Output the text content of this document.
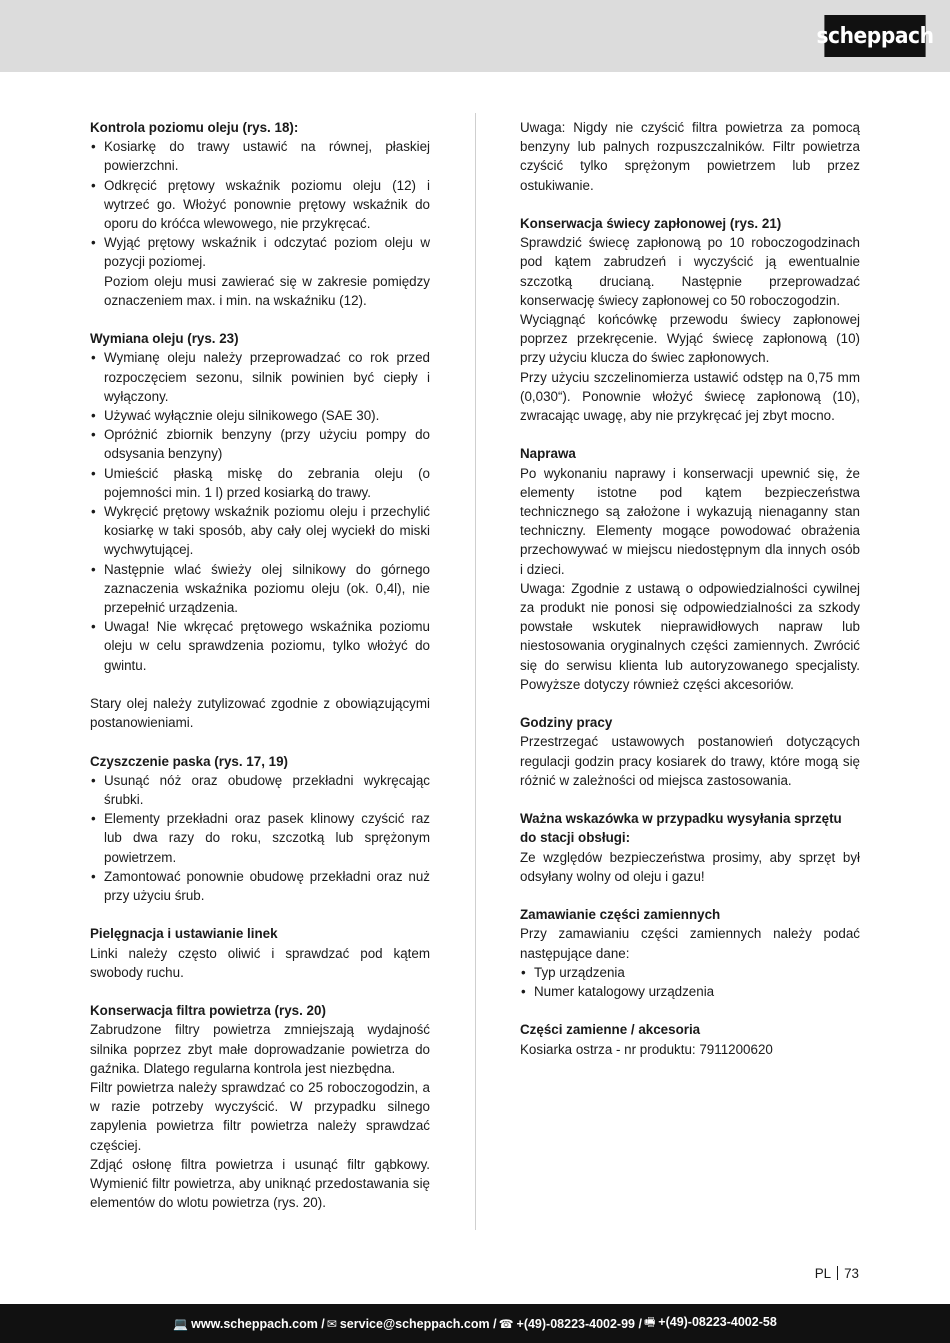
scheppach
Kontrola poziomu oleju (rys. 18):
• Kosiarkę do trawy ustawić na równej, płaskiej powierzchni.
• Odkręcić prętowy wskaźnik poziomu oleju (12) i wytrzeć go. Włożyć ponownie prętowy wskaźnik do oporu do króćca wlewowego, nie przykręcać.
• Wyjąć prętowy wskaźnik i odczytać poziom oleju w pozycji poziomej.

Poziom oleju musi zawierać się w zakresie pomiędzy oznaczeniem max. i min. na wskaźniku (12).

Wymiana oleju (rys. 23)
• Wymianę oleju należy przeprowadzać co rok przed rozpoczęciem sezonu, silnik powinien być ciepły i wyłączony.
• Używać wyłącznie oleju silnikowego (SAE 30).
• Opróżnić zbiornik benzyny (przy użyciu pompy do odsysania benzyny)
• Umieścić płaską miskę do zebrania oleju (o pojemności min. 1 l) przed kosiarką do trawy.
• Wykręcić prętowy wskaźnik poziomu oleju i przechylić kosiarkę w taki sposób, aby cały olej wyciekł do miski wychwytującej.
• Następnie wlać świeży olej silnikowy do górnego zaznaczenia wskaźnika poziomu oleju (ok. 0,4l), nie przepełnić urządzenia.
• Uwaga! Nie wkręcać prętowego wskaźnika poziomu oleju w celu sprawdzenia poziomu, tylko włożyć do gwintu.

Stary olej należy zutylizować zgodnie z obowiązującymi postanowieniami.

Czyszczenie paska (rys. 17, 19)
• Usunąć nóż oraz obudowę przekładni wykręcając śrubki.
• Elementy przekładni oraz pasek klinowy czyścić raz lub dwa razy do roku, szczotką lub sprężonym powietrzem.
• Zamontować ponownie obudowę przekładni oraz nuż przy użyciu śrub.
Pielęgnacja i ustawianie linek

Linki należy często oliwić i sprawdzać pod kątem swobody ruchu.

Konserwacja filtra powietrza (rys. 20)

Zabrudzone filtry powietrza zmniejszają wydajność silnika poprzez zbyt małe doprowadzanie powietrza do gaźnika. Dlatego regularna kontrola jest niezbędna.

Filtr powietrza należy sprawdzać co 25 roboczogodzin, a w razie potrzeby wyczyścić. W przypadku silnego zapylenia powietrza filtr powietrza należy sprawdzać częściej.

Zdjąć osłonę filtra powietrza i usunąć filtr gąbkowy. Wymienić filtr powietrza, aby uniknąć przedostawania się elementów do wlotu powietrza (rys. 20).

Uwaga: Nigdy nie czyścić filtra powietrza za pomocą benzyny lub palnych rozpuszczalników. Filtr powietrza czyścić tylko sprężonym powietrzem lub przez ostukiwanie.

Konserwacja świecy zapłonowej (rys. 21)

Sprawdzić świecę zapłonową po 10 roboczogodzinach pod kątem zabrudzeń i wyczyścić ją ewentualnie szczotką drucianą. Następnie przeprowadzać konserwację świecy zapłonowej co 50 roboczogodzin.

Wyciągnąć końcówkę przewodu świecy zapłonowej poprzez przekręcenie. Wyjąć świecę zapłonową (10) przy użyciu klucza do świec zapłonowych.

Przy użyciu szczelinomierza ustawić odstęp na 0,75 mm (0,030“). Ponownie włożyć świecę zapłonową (10), zwracając uwagę, aby nie przykręcać jej zbyt mocno.

Naprawa

Po wykonaniu naprawy i konserwacji upewnić się, że elementy istotne pod kątem bezpieczeństwa technicznego są założone i wykazują nienaganny stan techniczny. Elementy mogące powodować obrażenia przechowywać w miejscu niedostępnym dla innych osób i dzieci.

Uwaga: Zgodnie z ustawą o odpowiedzialności cywilnej za produkt nie ponosi się odpowiedzialności za szkody powstałe wskutek nieprawidłowych napraw lub niestosowania oryginalnych części zamiennych. Zwrócić się do serwisu klienta lub autoryzowanego specjalisty. Powyższe dotyczy również części akcesoriów.

Godziny pracy

Przestrzegać ustawowych postanowień dotyczących regulacji godzin pracy kosiarek do trawy, które mogą się różnić w zależności od miejsca zastosowania.

Ważna wskazówka w przypadku wysyłania sprzętu do stacji obsługi:

Ze względów bezpieczeństwa prosimy, aby sprzęt był odsyłany wolny od oleju i gazu!

Zamawianie części zamiennych

Przy zamawianiu części zamiennych należy podać następujące dane:

• Typ urządzenia
• Numer katalogowy urządzenia
Części zamienne / akcesoria

Kosiarka ostrza - nr produktu: 7911200620

PL 73
💻 www.scheppach.com / ✉ service@scheppach.com / ☎ +(49)-08223-4002-99 / 🖷 +(49)-08223-4002-58
